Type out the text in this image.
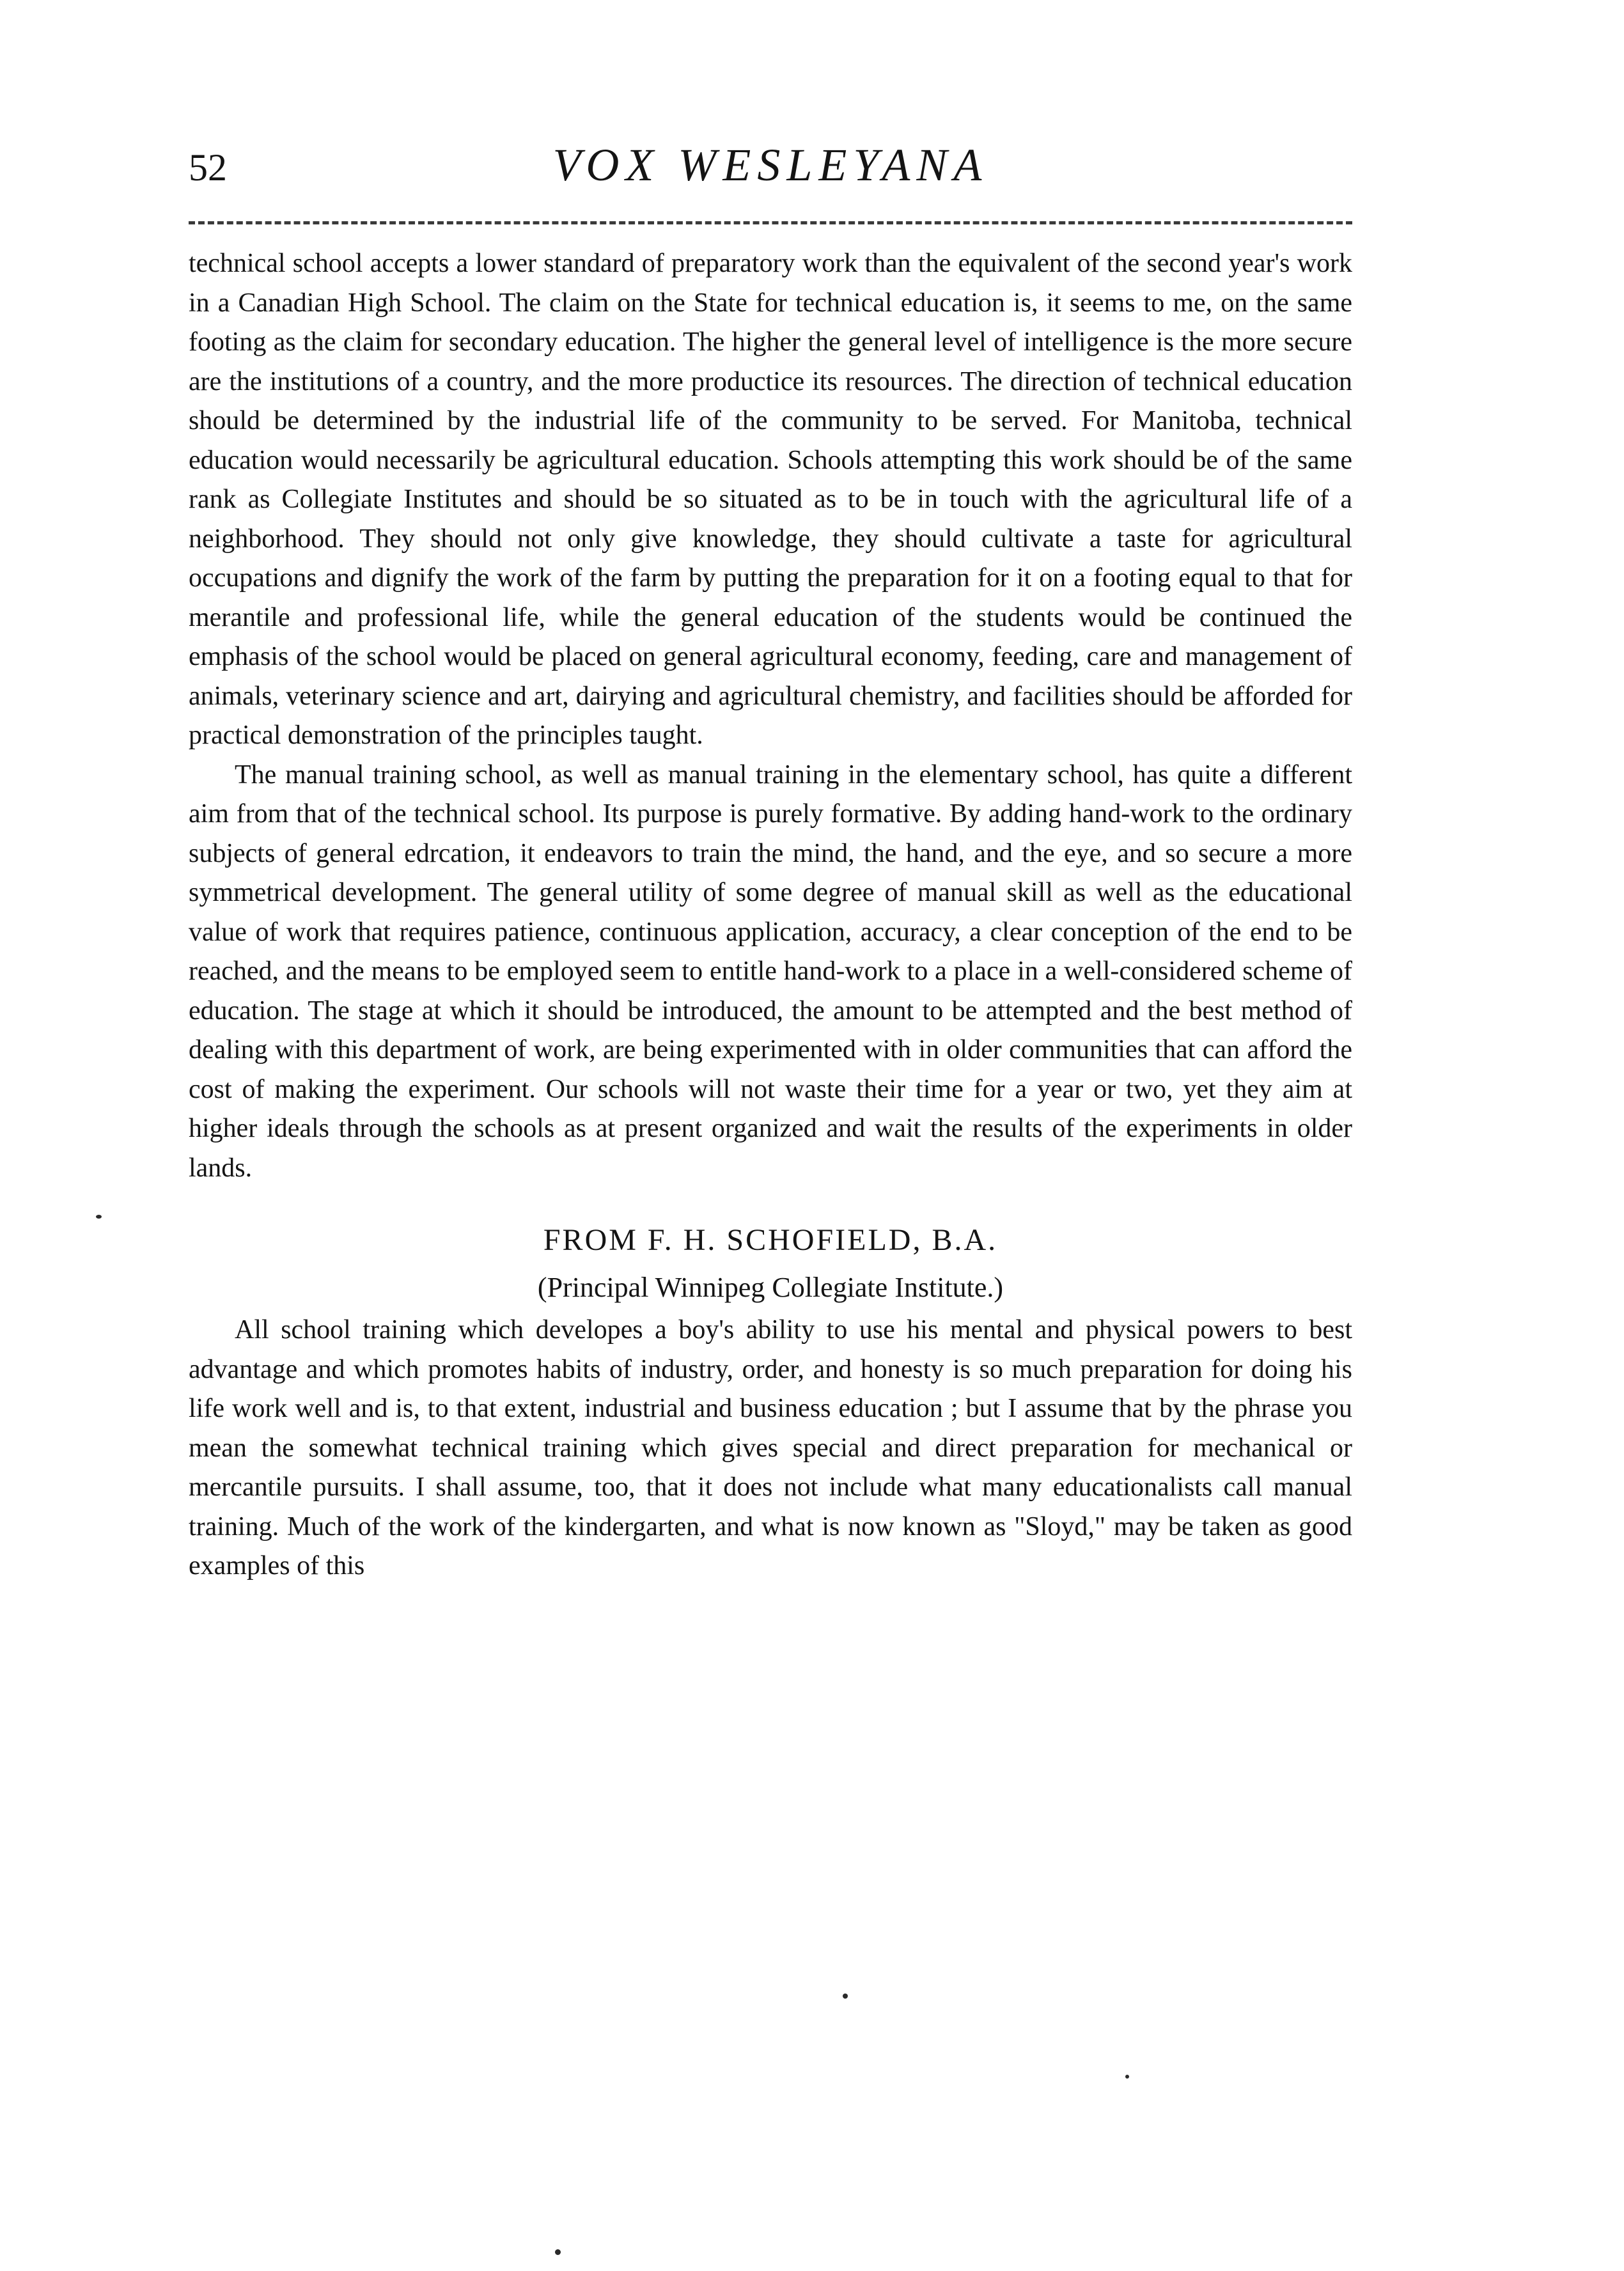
52	VOX WESLEYANA

technical school accepts a lower standard of preparatory work than the equivalent of the second year's work in a Canadian High School. The claim on the State for technical education is, it seems to me, on the same footing as the claim for secondary education. The higher the general level of intelligence is the more secure are the institutions of a country, and the more productice its resources. The direction of technical education should be determined by the industrial life of the community to be served. For Manitoba, technical education would necessarily be agricultural education. Schools attempting this work should be of the same rank as Collegiate Institutes and should be so situated as to be in touch with the agricultural life of a neighborhood. They should not only give knowledge, they should cultivate a taste for agricultural occupations and dignify the work of the farm by putting the preparation for it on a footing equal to that for merantile and professional life, while the general education of the students would be continued the emphasis of the school would be placed on general agricultural economy, feeding, care and management of animals, veterinary science and art, dairying and agricultural chemistry, and facilities should be afforded for practical demonstration of the principles taught.

The manual training school, as well as manual training in the elementary school, has quite a different aim from that of the technical school. Its purpose is purely formative. By adding hand-work to the ordinary subjects of general edrcation, it endeavors to train the mind, the hand, and the eye, and so secure a more symmetrical development. The general utility of some degree of manual skill as well as the educational value of work that requires patience, continuous application, accuracy, a clear conception of the end to be reached, and the means to be employed seem to entitle hand-work to a place in a well-considered scheme of education. The stage at which it should be introduced, the amount to be attempted and the best method of dealing with this department of work, are being experimented with in older communities that can afford the cost of making the experiment. Our schools will not waste their time for a year or two, yet they aim at higher ideals through the schools as at present organized and wait the results of the experiments in older lands.

FROM F. H. SCHOFIELD, B.A.
(Principal Winnipeg Collegiate Institute.)

All school training which developes a boy's ability to use his mental and physical powers to best advantage and which promotes habits of industry, order, and honesty is so much preparation for doing his life work well and is, to that extent, industrial and business education ; but I assume that by the phrase you mean the somewhat technical training which gives special and direct preparation for mechanical or mercantile pursuits. I shall assume, too, that it does not include what many educationalists call manual training. Much of the work of the kindergarten, and what is now known as "Sloyd," may be taken as good examples of this
